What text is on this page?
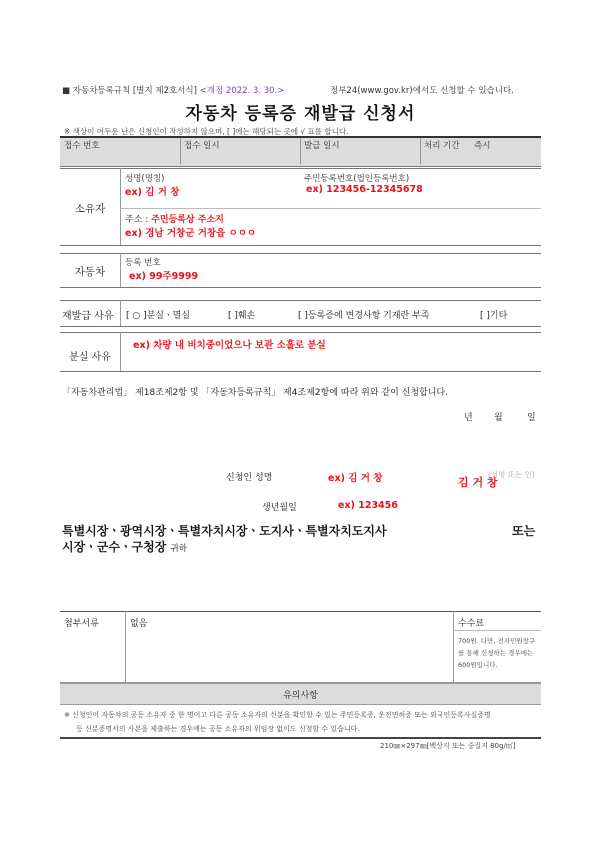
■ 자동차등록규칙 [별지 제2호서식] <개정 2022. 3. 30.>	정부24(www.gov.kr)에서도 신청할 수 있습니다.
자동차 등록증 재발급 신청서
※ 색상이 어두운 난은 신청인이 작성하지 않으며, [ ]에는 해당되는 곳에 √ 표를 합니다.
접수 번호	접수 일시	발급 일시	처리 기간 즉시
소유자
성명(명칭)
ex) 김 거 창
주민등록번호(법인등록번호)
ex) 123456-12345678
주소 : 주민등록상 주소지
ex) 경남 거창군 거창읍 ㅇㅇㅇ
자동차
등록 번호
ex) 99주9999
재발급 사유 [ ○ ]분실ㆍ멸실	[ ]훼손	[ ]등록증에 변경사항 기재란 부족	[ ]기타
분실 사유
ex) 차량 내 비치중이었으나 보관 소홀로 분실
「자동차관리법」 제18조제2항 및 「자동차등록규칙」 제4조제2항에 따라 위와 같이 신청합니다.
년 월	일
신청인 성명	ex) 김 거 창	김 거 창
(서명 또는 인)
생년월일	ex) 123456
특별시장ㆍ광역시장ㆍ특별자치시장ㆍ도지사ㆍ특별자치도지사	또는
시장ㆍ군수ㆍ구청장 귀하
첨부서류	없음	수수료
700원. 다만, 전자민원창구
를 통해 신청하는 경우에는
600원입니다.
유의사항
※ 신청인이 자동차의 공동 소유자 중 한 명이고 다른 공동 소유자의 신분을 확인할 수 있는 주민등록증, 운전면허증 또는 외국인등록사실증명
등 신분증명서의 사본을 제출하는 경우에는 공동 소유자의 위임장 없이도 신청할 수 있습니다.
210㎜×297㎜[백상지 또는 중질지 80g/㎡]
